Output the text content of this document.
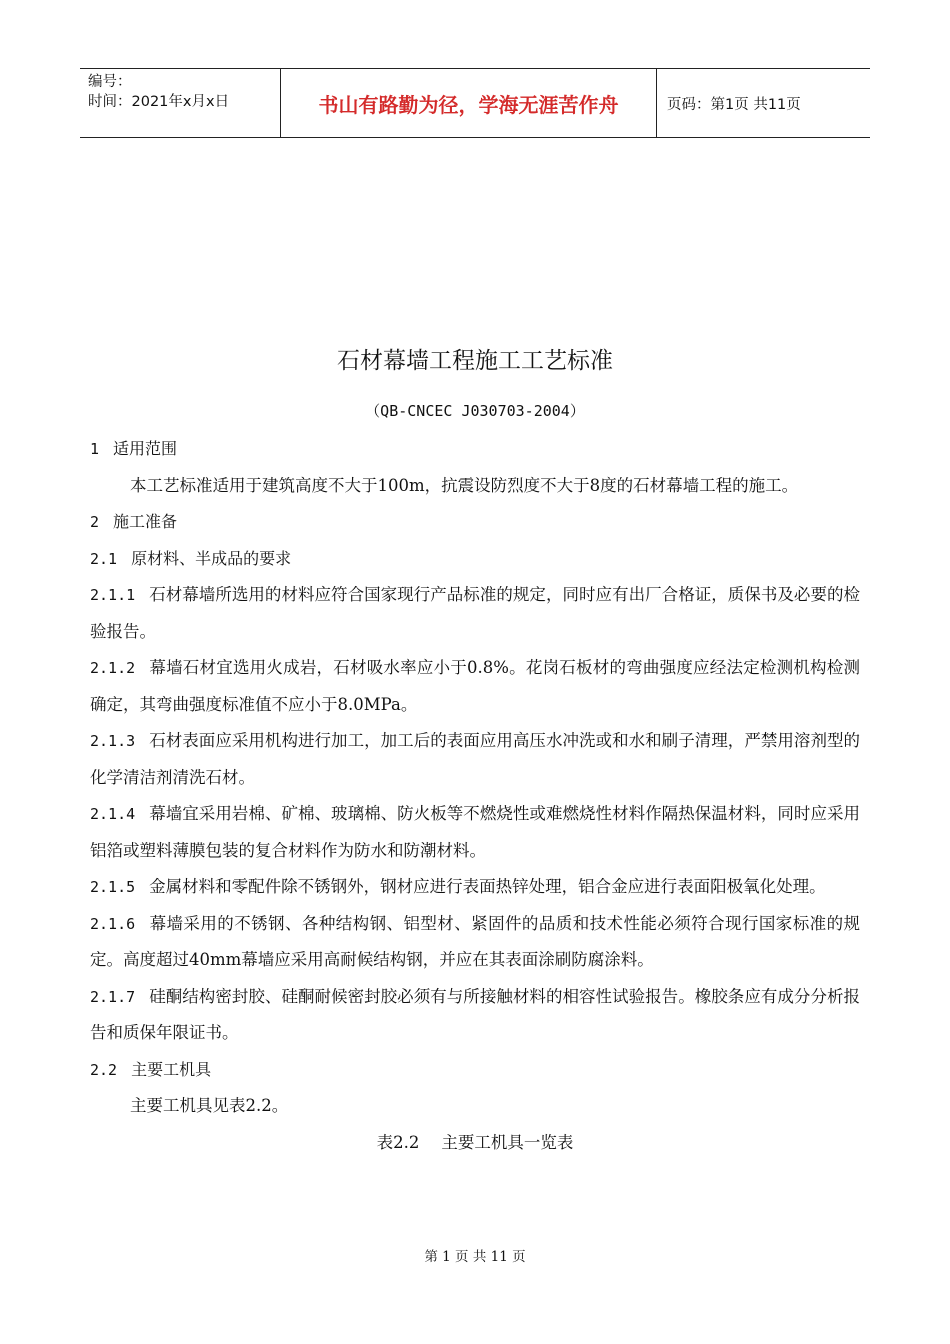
编号：
时间：2021年x月x日	书山有路勤为径，学海无涯苦作舟	页码：第1页 共11页
石材幕墙工程施工工艺标准
（QB-CNCEC J030703-2004）

1 适用范围

本工艺标准适用于建筑高度不大于100m，抗震设防烈度不大于8度的石材幕墙工程的施工。

2 施工准备

2.1 原材料、半成品的要求

2.1.1 石材幕墙所选用的材料应符合国家现行产品标准的规定，同时应有出厂合格证，质保书及必要的检验报告。

2.1.2 幕墙石材宜选用火成岩，石材吸水率应小于0.8%。花岗石板材的弯曲强度应经法定检测机构检测确定，其弯曲强度标准值不应小于8.0MPa。

2.1.3 石材表面应采用机构进行加工，加工后的表面应用高压水冲洗或和水和刷子清理，严禁用溶剂型的化学清洁剂清洗石材。

2.1.4 幕墙宜采用岩棉、矿棉、玻璃棉、防火板等不燃烧性或难燃烧性材料作隔热保温材料，同时应采用铝箔或塑料薄膜包装的复合材料作为防水和防潮材料。

2.1.5 金属材料和零配件除不锈钢外，钢材应进行表面热锌处理，铝合金应进行表面阳极氧化处理。

2.1.6 幕墙采用的不锈钢、各种结构钢、铝型材、紧固件的品质和技术性能必须符合现行国家标准的规定。高度超过40mm幕墙应采用高耐候结构钢，并应在其表面涂刷防腐涂料。

2.1.7 硅酮结构密封胶、硅酮耐候密封胶必须有与所接触材料的相容性试验报告。橡胶条应有成分分析报告和质保年限证书。

2.2 主要工机具

主要工机具见表2.2。

表2.2 主要工机具一览表

第 1 页 共 11 页
